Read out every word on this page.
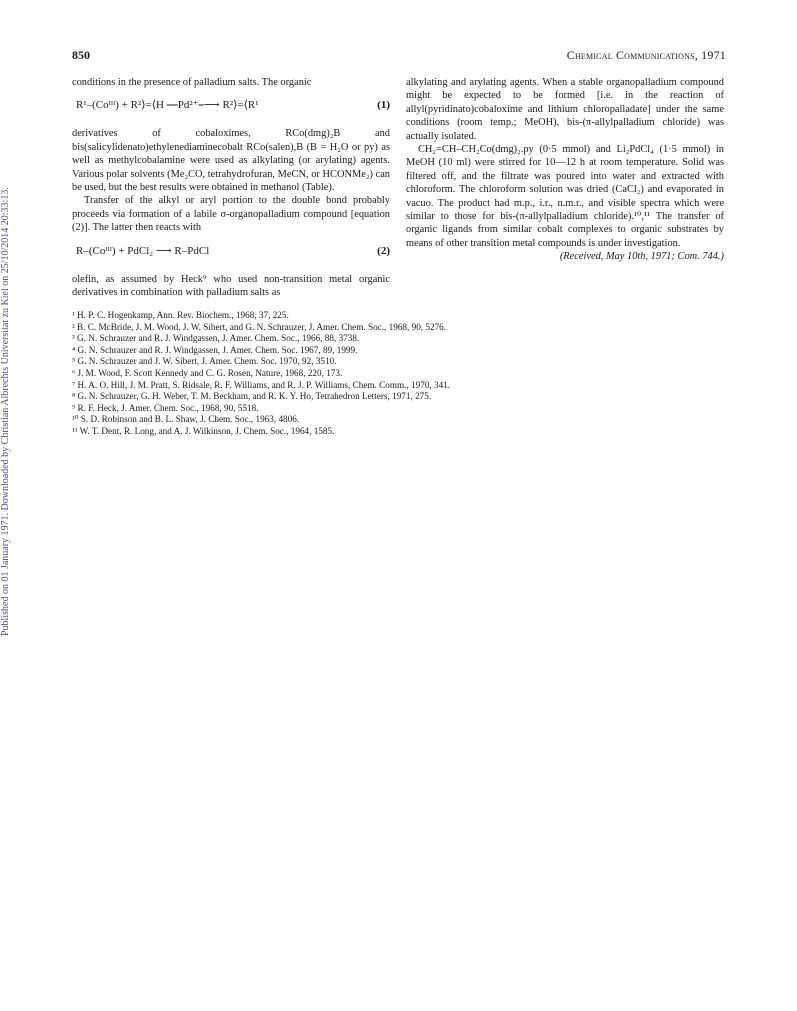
Published on 01 January 1971. Downloaded by Christian Albrechts Universitat zu Kiel on 25/10/2014 20:33:13.
850	Chemical Communications, 1971

conditions in the presence of palladium salts. The organic

R¹–(Coᴵᴵᴵ) + R²⟩=⟨H ⎯⎯Pd²⁺⎯⟶ R²⟩=⟨R¹	(1)

derivatives of cobaloximes, RCo(dmg)₂B and bis(salicylidenato)ethylenediaminecobalt RCo(salen),B (B = H₂O or py) as well as methylcobalamine were used as alkylating (or arylating) agents. Various polar solvents (Me₂CO, tetrahydrofuran, MeCN, or HCONMe₂) can be used, but the best results were obtained in methanol (Table).

Transfer of the alkyl or aryl portion to the double bond probably proceeds via formation of a labile σ-organopalladium compound [equation (2)]. The latter then reacts with

R–(Coᴵᴵᴵ) + PdCl₂ ⟶ R–PdCl	(2)

olefin, as assumed by Heck⁹ who used non-transition metal organic derivatives in combination with palladium salts as

alkylating and arylating agents. When a stable organopalladium compound might be expected to be formed [i.e. in the reaction of allyl(pyridinato)cobaloxime and lithium chloropalladate] under the same conditions (room temp.; MeOH), bis-(π-allylpalladium chloride) was actually isolated.

CH₂=CH–CH₂Co(dmg)₂.py (0·5 mmol) and Li₂PdCl₄ (1·5 mmol) in MeOH (10 ml) were stirred for 10—12 h at room temperature. Solid was filtered off, and the filtrate was poured into water and extracted with chloroform. The chloroform solution was dried (CaCl₂) and evaporated in vacuo. The product had m.p., i.r., n.m.r., and visible spectra which were similar to those for bis-(π-allylpalladium chloride).¹⁰,¹¹ The transfer of organic ligands from similar cobalt complexes to organic substrates by means of other transition metal compounds is under investigation.

(Received, May 10th, 1971; Com. 744.)

¹ H. P. C. Hogenkamp, Ann. Rev. Biochem., 1968, 37, 225.
² B. C. McBride, J. M. Wood, J. W. Sibert, and G. N. Schrauzer, J. Amer. Chem. Soc., 1968, 90, 5276.
³ G. N. Schrauzer and R. J. Windgassen, J. Amer. Chem. Soc., 1966, 88, 3738.
⁴ G. N. Schrauzer and R. J. Windgassen, J. Amer. Chem. Soc. 1967, 89, 1999.
⁵ G. N. Schrauzer and J. W. Sibert, J. Amer. Chem. Soc. 1970, 92, 3510.
⁶ J. M. Wood, F. Scott Kennedy and C. G. Rosen, Nature, 1968, 220, 173.
⁷ H. A. O. Hill, J. M. Pratt, S. Ridsale, R. F. Williams, and R. J. P. Williams, Chem. Comm., 1970, 341.
⁸ G. N. Schrauzer, G. H. Weber, T. M. Beckham, and R. K. Y. Ho, Tetrahedron Letters, 1971, 275.
⁹ R. F. Heck, J. Amer. Chem. Soc., 1968, 90, 5518.
¹⁰ S. D. Robinson and B. L. Shaw, J. Chem. Soc., 1963, 4806.
¹¹ W. T. Dent, R. Long, and A. J. Wilkinson, J. Chem. Soc., 1964, 1585.
